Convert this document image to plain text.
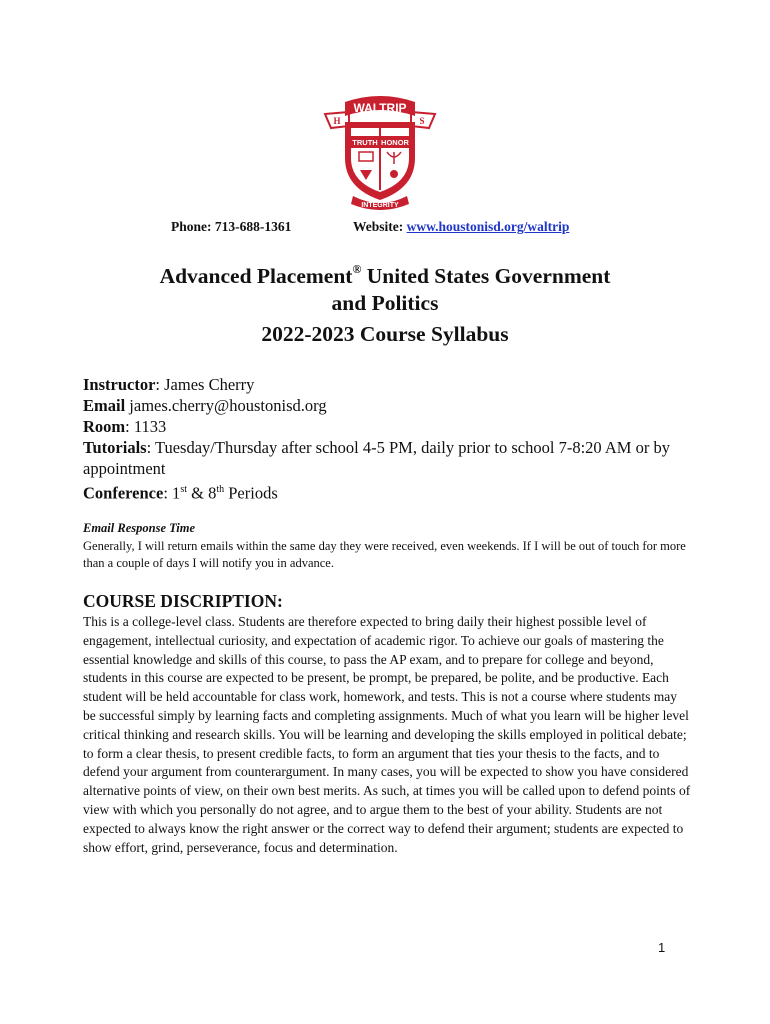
H	S
WALTRIP
TRUTH HONOR
INTEGRITY
Phone: 713-688-1361	Website: www.houstonisd.org/waltrip
Advanced Placement® United States Government
and Politics
2022-2023 Course Syllabus
Instructor: James Cherry
Email james.cherry@houstonisd.org
Room: 1133
Tutorials: Tuesday/Thursday after school 4-5 PM, daily prior to school 7-8:20 AM or by appointment
Conference: 1st & 8th Periods
Email Response Time
Generally, I will return emails within the same day they were received, even weekends. If I will be out of touch for more than a couple of days I will notify you in advance.
COURSE DISCRIPTION:
This is a college-level class. Students are therefore expected to bring daily their highest possible level of engagement, intellectual curiosity, and expectation of academic rigor. To achieve our goals of mastering the essential knowledge and skills of this course, to pass the AP exam, and to prepare for college and beyond, students in this course are expected to be present, be prompt, be prepared, be polite, and be productive. Each student will be held accountable for class work, homework, and tests. This is not a course where students may be successful simply by learning facts and completing assignments. Much of what you learn will be higher level critical thinking and research skills. You will be learning and developing the skills employed in political debate; to form a clear thesis, to present credible facts, to form an argument that ties your thesis to the facts, and to defend your argument from counterargument. In many cases, you will be expected to show you have considered alternative points of view, on their own best merits. As such, at times you will be called upon to defend points of view with which you personally do not agree, and to argue them to the best of your ability. Students are not expected to always know the right answer or the correct way to defend their argument; students are expected to show effort, grind, perseverance, focus and determination.
1
